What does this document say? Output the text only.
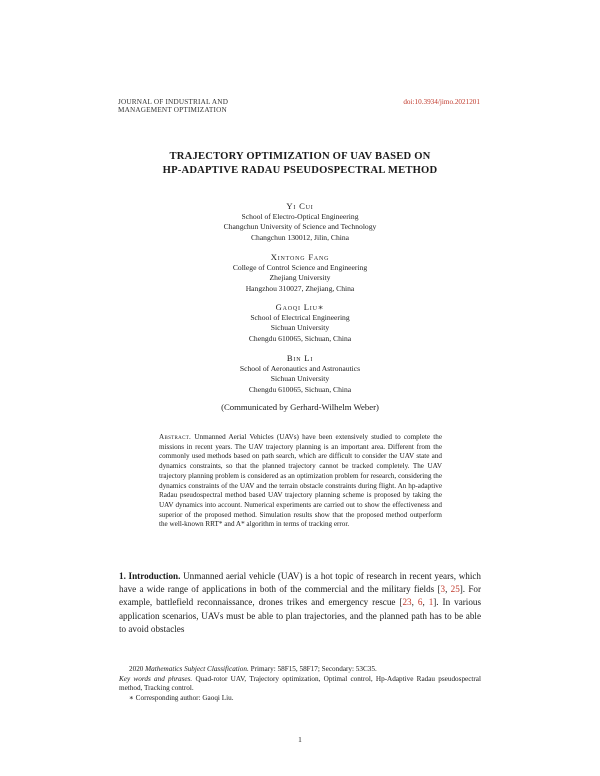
JOURNAL OF INDUSTRIAL AND
MANAGEMENT OPTIMIZATION
doi:10.3934/jimo.2021201
TRAJECTORY OPTIMIZATION OF UAV BASED ON
HP-ADAPTIVE RADAU PSEUDOSPECTRAL METHOD
Yi Cui
School of Electro-Optical Engineering
Changchun University of Science and Technology
Changchun 130012, Jilin, China
Xintong Fang
College of Control Science and Engineering
Zhejiang University
Hangzhou 310027, Zhejiang, China
Gaoqi Liu∗
School of Electrical Engineering
Sichuan University
Chengdu 610065, Sichuan, China
Bin Li
School of Aeronautics and Astronautics
Sichuan University
Chengdu 610065, Sichuan, China
(Communicated by Gerhard-Wilhelm Weber)
Abstract. Unmanned Aerial Vehicles (UAVs) have been extensively studied to complete the missions in recent years. The UAV trajectory planning is an important area. Different from the commonly used methods based on path search, which are difficult to consider the UAV state and dynamics constraints, so that the planned trajectory cannot be tracked completely. The UAV trajectory planning problem is considered as an optimization problem for research, considering the dynamics constraints of the UAV and the terrain obstacle constraints during flight. An hp-adaptive Radau pseudospectral method based UAV trajectory planning scheme is proposed by taking the UAV dynamics into account. Numerical experiments are carried out to show the effectiveness and superior of the proposed method. Simulation results show that the proposed method outperform the well-known RRT* and A* algorithm in terms of tracking error.
1. Introduction. Unmanned aerial vehicle (UAV) is a hot topic of research in recent years, which have a wide range of applications in both of the commercial and the military fields [3, 25]. For example, battlefield reconnaissance, drones trikes and emergency rescue [23, 6, 1]. In various application scenarios, UAVs must be able to plan trajectories, and the planned path has to be able to avoid obstacles
2020 Mathematics Subject Classification. Primary: 58F15, 58F17; Secondary: 53C35.
Key words and phrases. Quad-rotor UAV, Trajectory optimization, Optimal control, Hp-Adaptive Radau pseudospectral method, Tracking control.
∗ Corresponding author: Gaoqi Liu.
1
